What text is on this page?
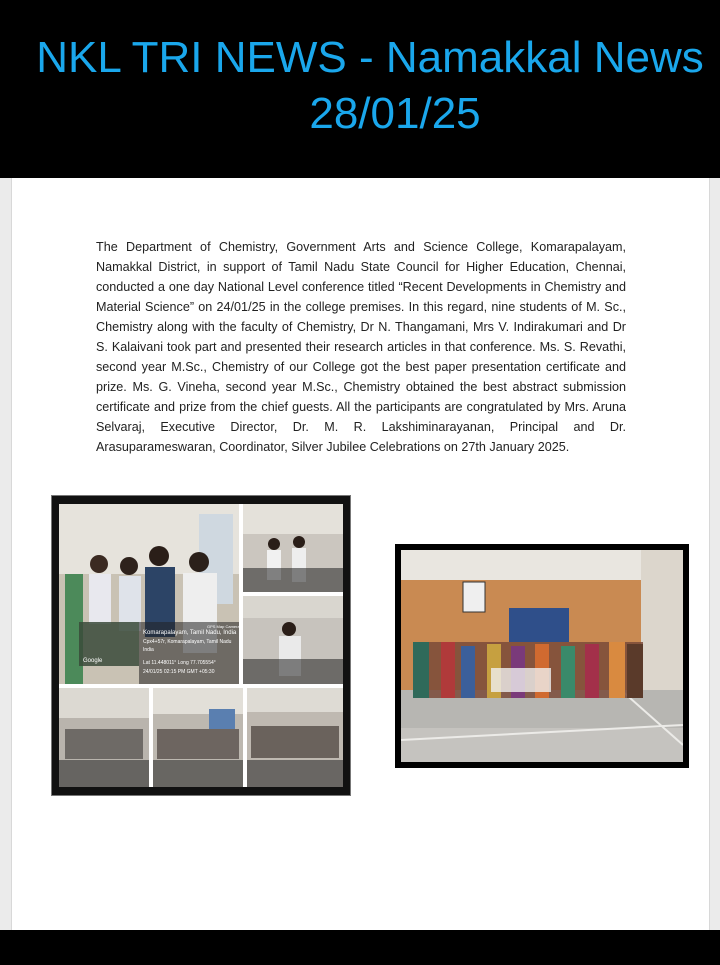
NKL TRI NEWS - Namakkal News
28/01/25
The Department of Chemistry, Government Arts and Science College, Komarapalayam, Namakkal District, in support of Tamil Nadu State Council for Higher Education, Chennai, conducted a one day National Level conference titled “Recent Developments in Chemistry and Material Science” on 24/01/25 in the college premises. In this regard, nine students of M. Sc., Chemistry along with the faculty of Chemistry, Dr N. Thangamani, Mrs V. Indirakumari and Dr S. Kalaivani took part and presented their research articles in that conference. Ms. S. Revathi, second year M.Sc., Chemistry of our College got the best paper presentation certificate and prize. Ms. G. Vineha, second year M.Sc., Chemistry obtained the best abstract submission certificate and prize from the chief guests. All the participants are congratulated by Mrs. Aruna Selvaraj, Executive Director, Dr. M. R. Lakshiminarayanan, Principal and Dr. Arasuparameswaran, Coordinator, Silver Jubilee Celebrations on 27th January 2025.
Komarapalayam, Tamil Nadu, India
Cpx4+57r, Komarapalayam, Tamil Nadu
India
Lat 11.448011° Long 77.705554°
24/01/25 02:15 PM GMT +05:30
GPS Map Camera
Google
